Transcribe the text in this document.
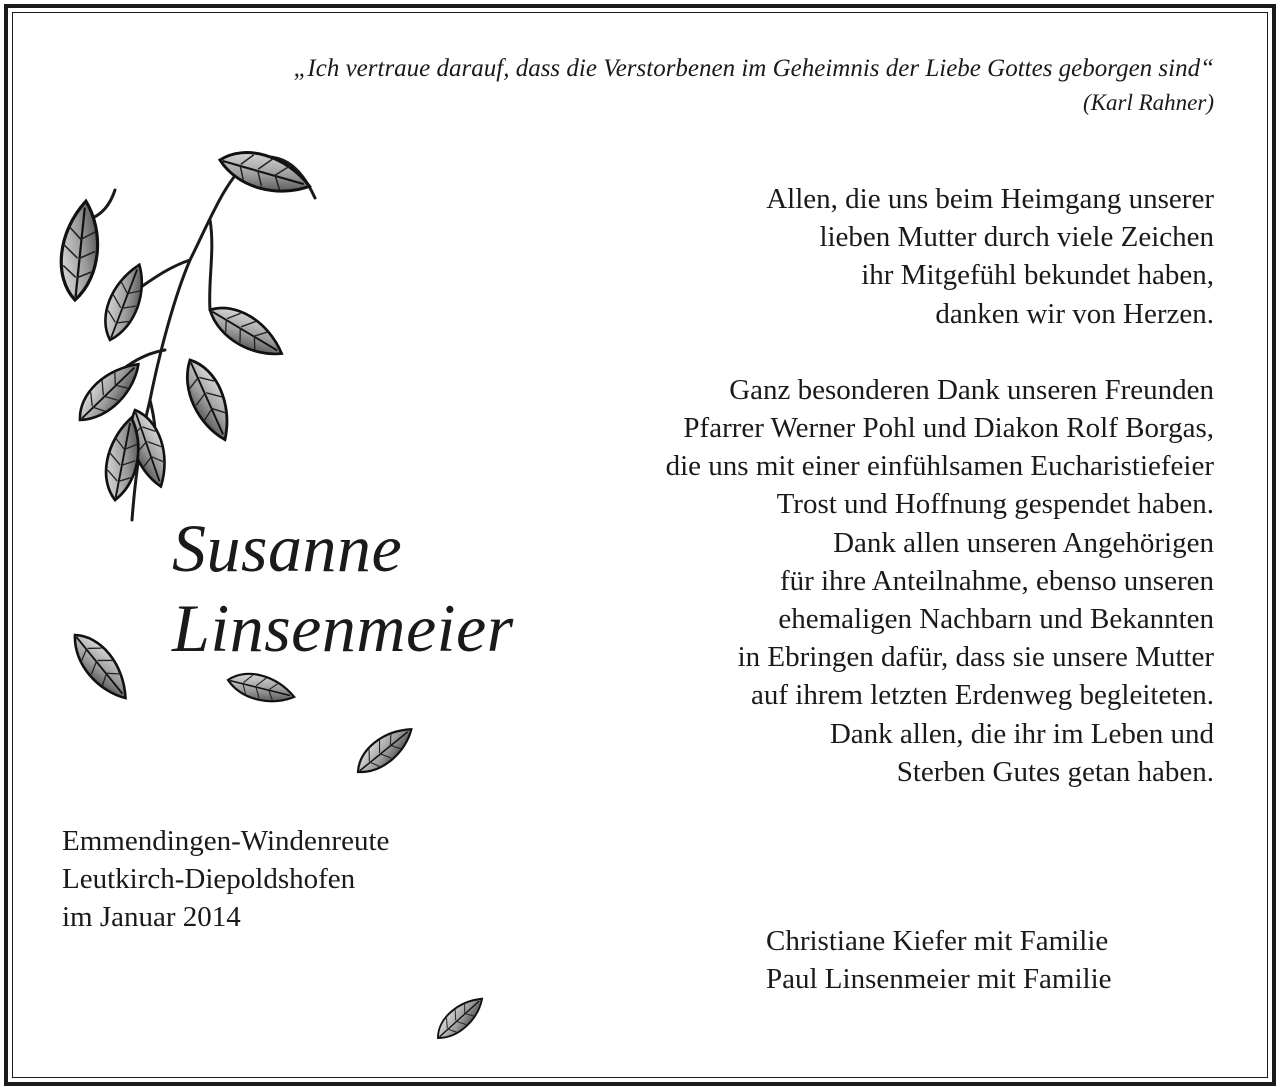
„Ich vertraue darauf, dass die Verstorbenen im Geheimnis der Liebe Gottes geborgen sind“
(Karl Rahner)
Susanne
Linsenmeier
Allen, die uns beim Heimgang unserer
lieben Mutter durch viele Zeichen
ihr Mitgefühl bekundet haben,
danken wir von Herzen.
Ganz besonderen Dank unseren Freunden
Pfarrer Werner Pohl und Diakon Rolf Borgas,
die uns mit einer einfühlsamen Eucharistiefeier
Trost und Hoffnung gespendet haben.
Dank allen unseren Angehörigen
für ihre Anteilnahme, ebenso unseren
ehemaligen Nachbarn und Bekannten
in Ebringen dafür, dass sie unsere Mutter
auf ihrem letzten Erdenweg begleiteten.
Dank allen, die ihr im Leben und
Sterben Gutes getan haben.
Emmendingen-Windenreute
Leutkirch-Diepoldshofen
im Januar 2014
Christiane Kiefer mit Familie
Paul Linsenmeier mit Familie
